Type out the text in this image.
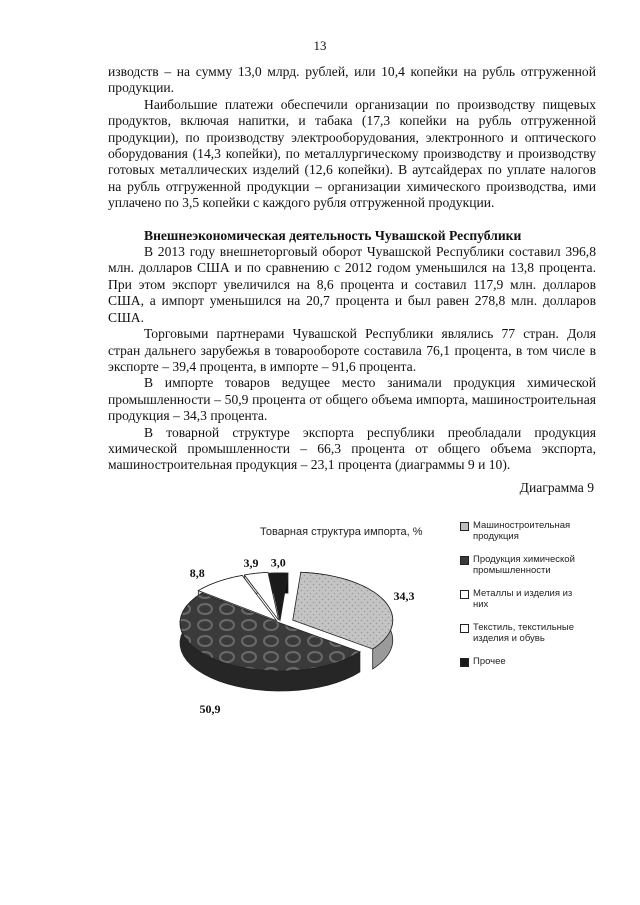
13

изводств – на сумму 13,0 млрд. рублей, или 10,4 копейки на рубль отгруженной продукции.

Наибольшие платежи обеспечили организации по производству пищевых продуктов, включая напитки, и табака (17,3 копейки на рубль отгруженной продукции), по производству электрооборудования, электронного и оптического оборудования (14,3 копейки), по металлургическому производству и производству готовых металлических изделий (12,6 копейки). В аутсайдерах по уплате налогов на рубль отгруженной продукции – организации химического производства, ими уплачено по 3,5 копейки с каждого рубля отгруженной продукции.

Внешнеэкономическая деятельность Чувашской Республики

В 2013 году внешнеторговый оборот Чувашской Республики составил 396,8 млн. долларов США и по сравнению с 2012 годом уменьшился на 13,8 процента. При этом экспорт увеличился на 8,6 процента и составил 117,9 млн. долларов США, а импорт уменьшился на 20,7 процента и был равен 278,8 млн. долларов США.

Торговыми партнерами Чувашской Республики являлись 77 стран. Доля стран дальнего зарубежья в товарообороте составила 76,1 процента, в том числе в экспорте – 39,4 процента, в импорте – 91,6 процента.

В импорте товаров ведущее место занимали продукция химической промышленности – 50,9 процента от общего объема импорта, машиностроительная продукция – 34,3 процента.

В товарной структуре экспорта республики преобладали продукция химической промышленности – 66,3 процента от общего объема экспорта, машиностроительная продукция – 23,1 процента (диаграммы 9 и 10).

Диаграмма 9
Товарная структура импорта, %
34,3
50,9
8,8
3,9 3,0
Машиностроительная продукция
Продукция химической промышленности
Металлы и изделия из них
Текстиль, текстильные изделия и обувь
Прочее
